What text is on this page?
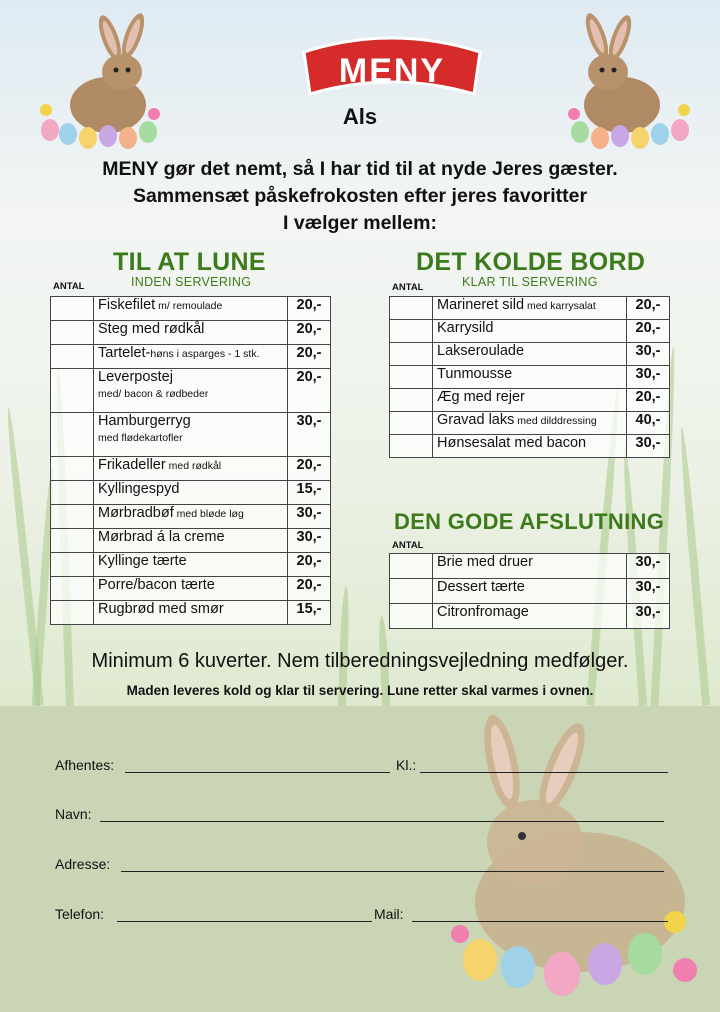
MENY
Als
MENY gør det nemt, så I har tid til at nyde Jeres gæster.
Sammensæt påskefrokosten efter jeres favoritter
I vælger mellem:
TIL AT LUNE
INDEN SERVERING
ANTAL
	Fiskefilet m/ remoulade	20,-
	Steg med rødkål	20,-
	Tartelet-høns i asparges - 1 stk.	20,-
	Leverpostej
med/ bacon & rødbeder	20,-
	Hamburgerryg
med flødekartofler	30,-
	Frikadeller med rødkål	20,-
	Kyllingespyd	15,-
	Mørbradbøf med bløde løg	30,-
	Mørbrad á la creme	30,-
	Kyllinge tærte	20,-
	Porre/bacon tærte	20,-
	Rugbrød med smør	15,-
DET KOLDE BORD
KLAR TIL SERVERING
ANTAL
	Marineret sild med karrysalat	20,-
	Karrysild	20,-
	Lakseroulade	30,-
	Tunmousse	30,-
	Æg med rejer	20,-
	Gravad laks med dilddressing	40,-
	Hønsesalat med bacon	30,-
DEN GODE AFSLUTNING
ANTAL
	Brie med druer	30,-
	Dessert tærte	30,-
	Citronfromage	30,-
Minimum 6 kuverter. Nem tilberedningsvejledning medfølger.
Maden leveres kold og klar til servering. Lune retter skal varmes i ovnen.
Afhentes:	Kl.:
Navn:
Adresse:
Telefon:	Mail:
